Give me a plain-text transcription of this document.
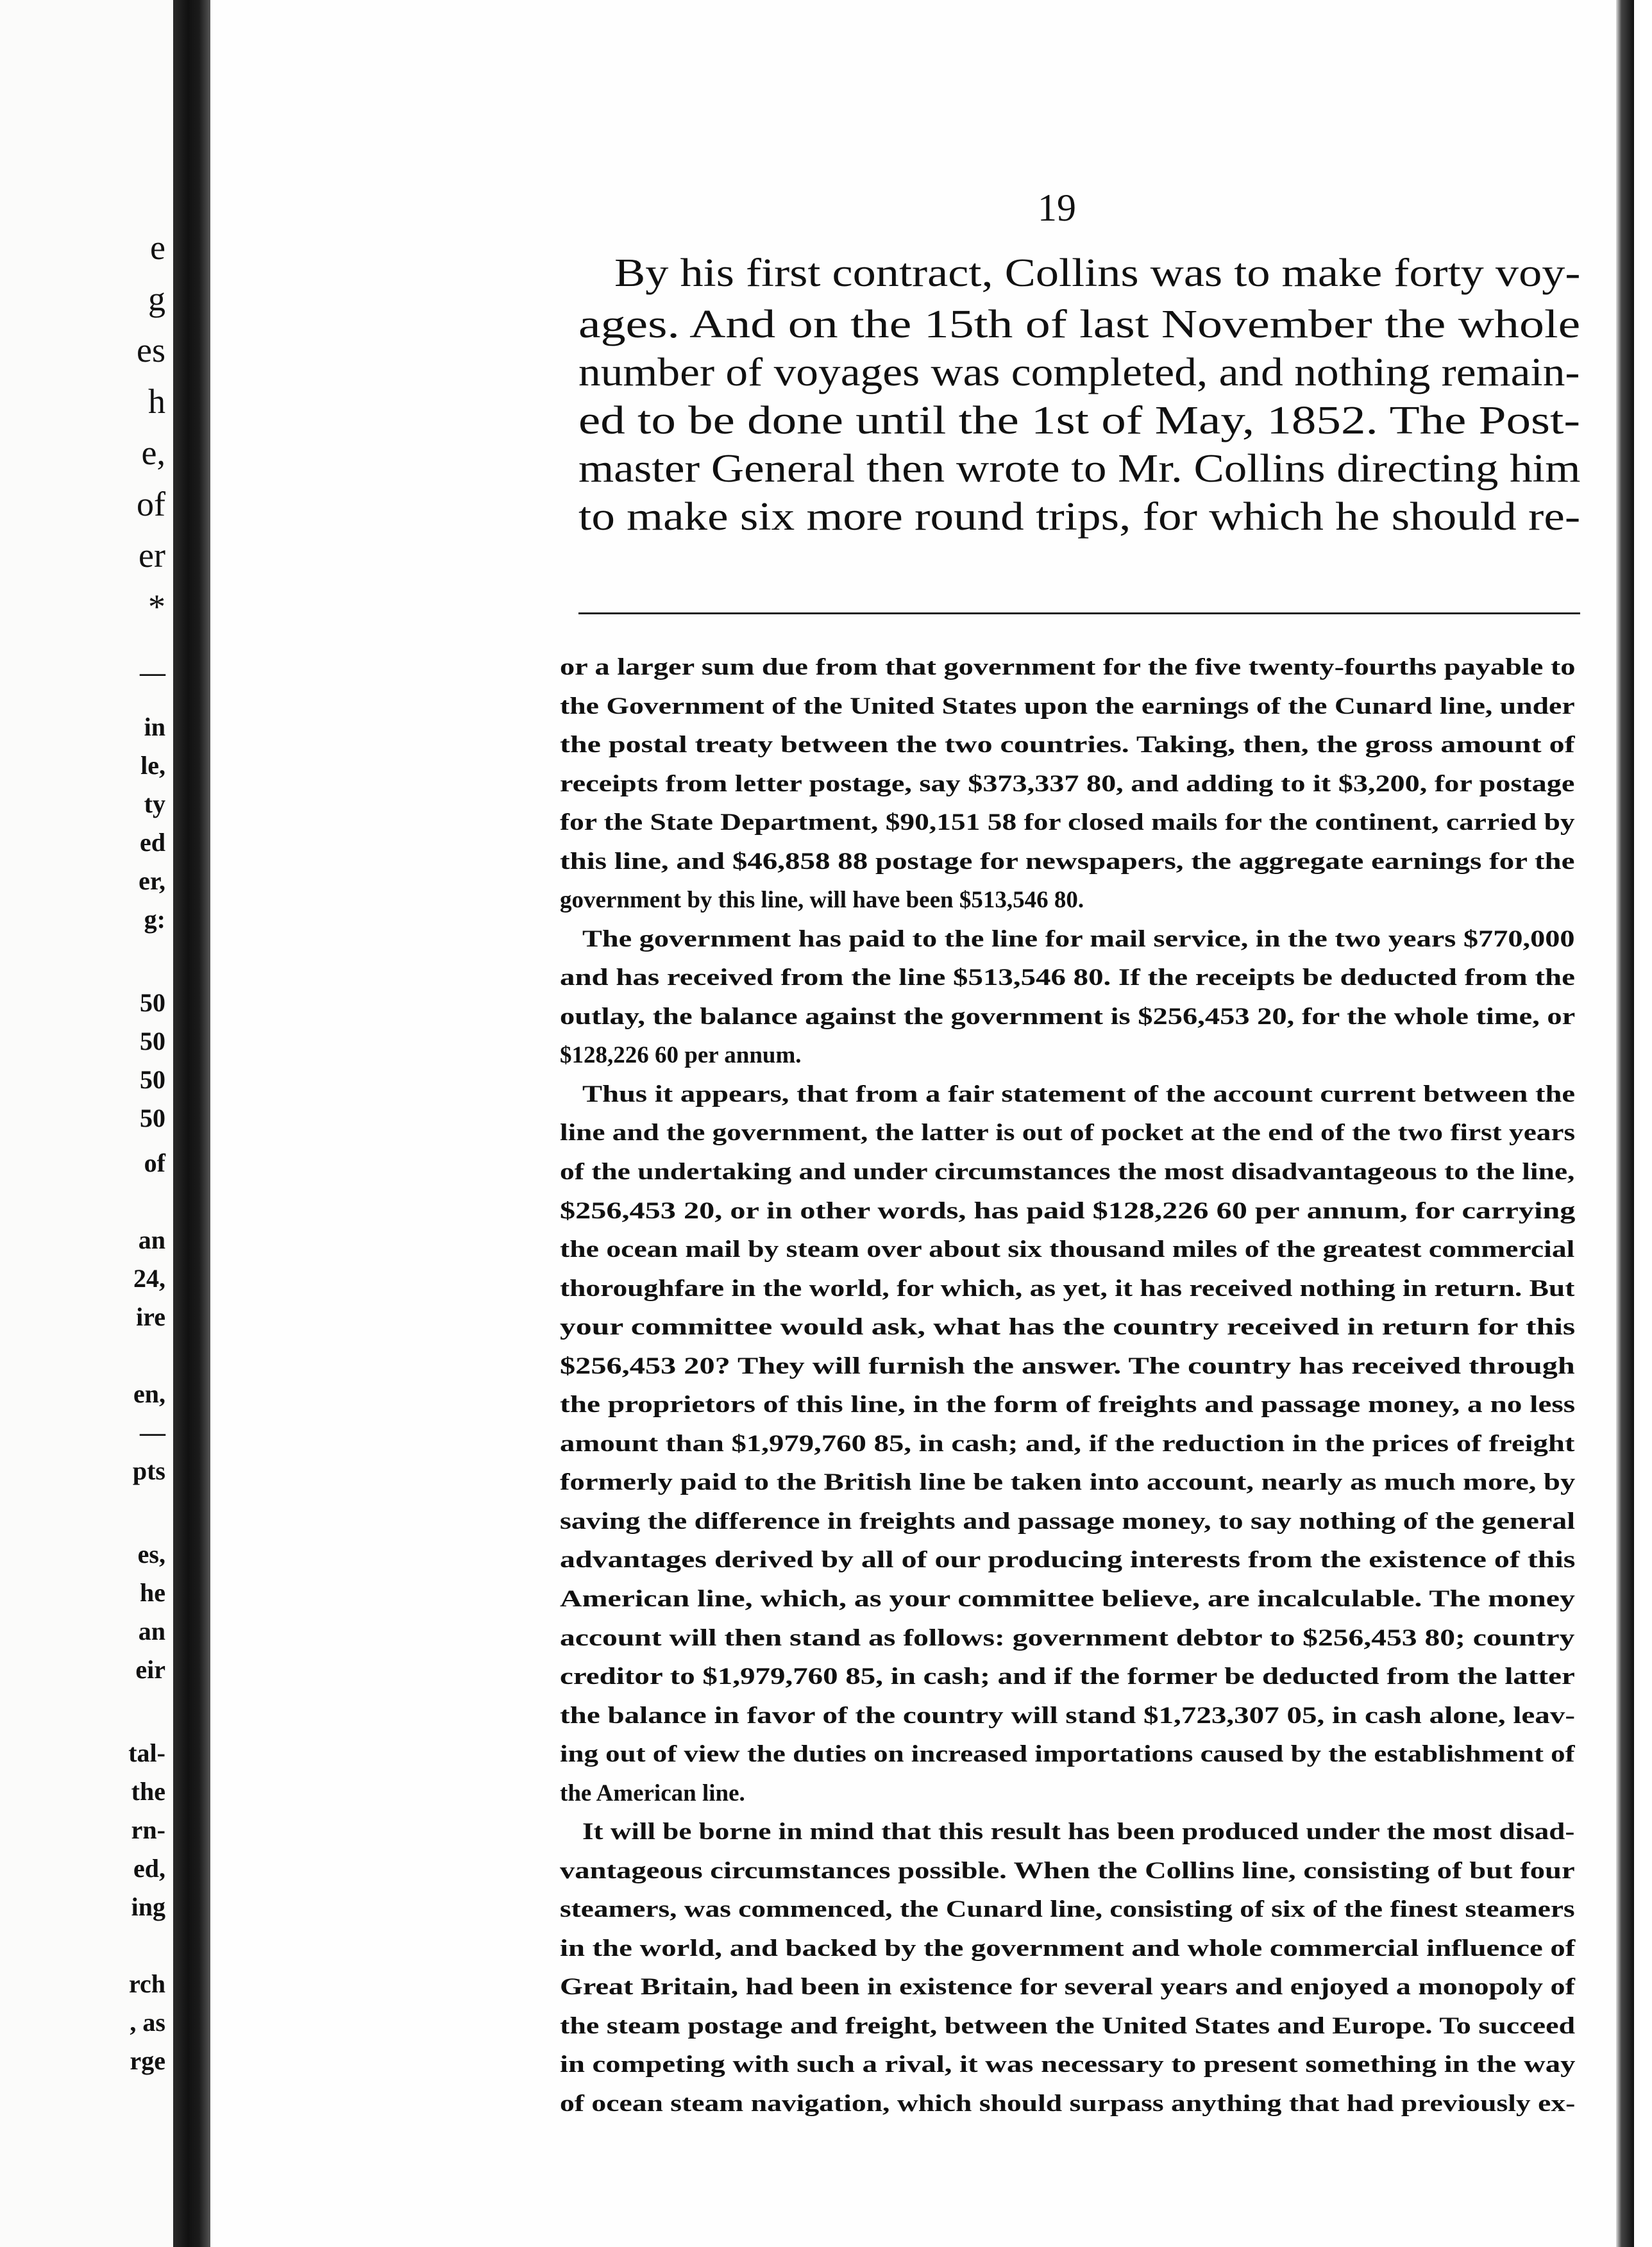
e

g

es

h

e,

of

er

*

—

in

le,

ty

ed

er,

g:

50

50

50

50

of

an

24,

ire

en,

—

pts

es,

he

an

eir

tal-

the

rn-

ed,

ing

rch

, as

rge

19

By his first contract, Collins was to make forty voy-

ages. And on the 15th of last November the whole

number of voyages was completed, and nothing remain-

ed to be done until the 1st of May, 1852. The Post-

master General then wrote to Mr. Collins directing him

to make six more round trips, for which he should re-

or a larger sum due from that government for the five twenty-fourths payable to

the Government of the United States upon the earnings of the Cunard line, under

the postal treaty between the two countries. Taking, then, the gross amount of

receipts from letter postage, say $373,337 80, and adding to it $3,200, for postage

for the State Department, $90,151 58 for closed mails for the continent, carried by

this line, and $46,858 88 postage for newspapers, the aggregate earnings for the

government by this line, will have been $513,546 80.

The government has paid to the line for mail service, in the two years $770,000

and has received from the line $513,546 80. If the receipts be deducted from the

outlay, the balance against the government is $256,453 20, for the whole time, or

$128,226 60 per annum.

Thus it appears, that from a fair statement of the account current between the

line and the government, the latter is out of pocket at the end of the two first years

of the undertaking and under circumstances the most disadvantageous to the line,

$256,453 20, or in other words, has paid $128,226 60 per annum, for carrying

the ocean mail by steam over about six thousand miles of the greatest commercial

thoroughfare in the world, for which, as yet, it has received nothing in return. But

your committee would ask, what has the country received in return for this

$256,453 20? They will furnish the answer. The country has received through

the proprietors of this line, in the form of freights and passage money, a no less

amount than $1,979,760 85, in cash; and, if the reduction in the prices of freight

formerly paid to the British line be taken into account, nearly as much more, by

saving the difference in freights and passage money, to say nothing of the general

advantages derived by all of our producing interests from the existence of this

American line, which, as your committee believe, are incalculable. The money

account will then stand as follows: government debtor to $256,453 80; country

creditor to $1,979,760 85, in cash; and if the former be deducted from the latter

the balance in favor of the country will stand $1,723,307 05, in cash alone, leav-

ing out of view the duties on increased importations caused by the establishment of

the American line.

It will be borne in mind that this result has been produced under the most disad-

vantageous circumstances possible. When the Collins line, consisting of but four

steamers, was commenced, the Cunard line, consisting of six of the finest steamers

in the world, and backed by the government and whole commercial influence of

Great Britain, had been in existence for several years and enjoyed a monopoly of

the steam postage and freight, between the United States and Europe. To succeed

in competing with such a rival, it was necessary to present something in the way

of ocean steam navigation, which should surpass anything that had previously ex-
